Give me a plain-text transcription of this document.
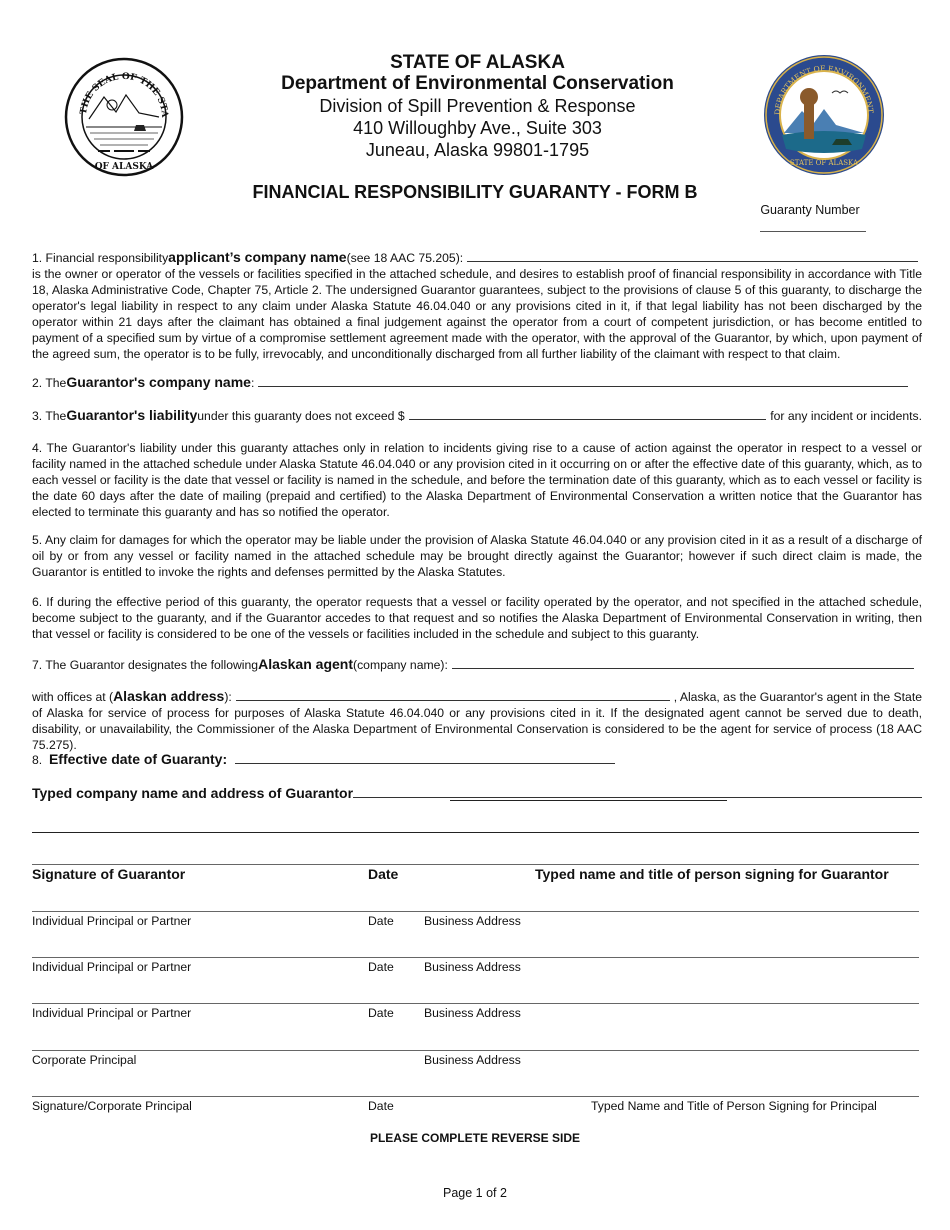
THE SEAL OF THE STA
OF ALASKA
DEPARTMENT OF ENVIRONMENT
STATE OF ALASKA
STATE OF ALASKA
Department of Environmental Conservation
Division of Spill Prevention & Response
410 Willoughby Ave., Suite 303
Juneau, Alaska 99801-1795
FINANCIAL RESPONSIBILITY GUARANTY - FORM B
Guaranty Number
1. Financial responsibility applicant’s company name (see 18 AAC 75.205):
is the owner or operator of the vessels or facilities specified in the attached schedule, and desires to establish proof of financial responsibility in accordance with Title 18, Alaska Administrative Code, Chapter 75, Article 2. The undersigned Guarantor guarantees, subject to the provisions of clause 5 of this guaranty, to discharge the operator's legal liability in respect to any claim under Alaska Statute 46.04.040 or any provisions cited in it, if that legal liability has not been discharged by the operator within 21 days after the claimant has obtained a final judgement against the operator from a court of competent jurisdiction, or has become entitled to payment of a specified sum by virtue of a compromise settlement agreement made with the operator, with the approval of the Guarantor, by which, upon payment of the agreed sum, the operator is to be fully, irrevocably, and unconditionally discharged from all further liability of the claimant with respect to that claim.
2. The Guarantor's company name :
3. The Guarantor's liability under this guaranty does not exceed $	for any incident or incidents.
4. The Guarantor's liability under this guaranty attaches only in relation to incidents giving rise to a cause of action against the operator in respect to a vessel or facility named in the attached schedule under Alaska Statute 46.04.040 or any provision cited in it occurring on or after the effective date of this guaranty, which, as to each vessel or facility is the date that vessel or facility is named in the schedule, and before the termination date of this guaranty, which as to each vessel or facility is the date 60 days after the date of mailing (prepaid and certified) to the Alaska Department of Environmental Conservation a written notice that the Guarantor has elected to terminate this guaranty and has so notified the operator.
5. Any claim for damages for which the operator may be liable under the provision of Alaska Statute 46.04.040 or any provision cited in it as a result of a discharge of oil by or from any vessel or facility named in the attached schedule may be brought directly against the Guarantor; however if such direct claim is made, the Guarantor is entitled to invoke the rights and defenses permitted by the Alaska Statutes.
6. If during the effective period of this guaranty, the operator requests that a vessel or facility operated by the operator, and not specified in the attached schedule, become subject to the guaranty, and if the Guarantor accedes to that request and so notifies the Alaska Department of Environmental Conservation in writing, then that vessel or facility is considered to be one of the vessels or facilities included in the schedule and subject to this guaranty.
7. The Guarantor designates the following Alaskan agent (company name):
with offices at ( Alaskan address ):	, Alaska, as the Guarantor's agent in the State
of Alaska for service of process for purposes of Alaska Statute 46.04.040 or any provisions cited in it. If the designated agent cannot be served due to death, disability, or unavailability, the Commissioner of the Alaska Department of Environmental Conservation is considered to be the agent for service of process (18 AAC 75.275).
8.
Effective date of Guaranty:
Typed company name and address of Guarantor
Signature of Guarantor	Date	Typed name and title of person signing for Guarantor
Individual Principal or Partner	Date Business Address
Individual Principal or Partner	Date Business Address
Individual Principal or Partner	Date Business Address
Corporate Principal	Business Address
Signature/Corporate Principal	Date	Typed Name and Title of Person Signing for Principal
PLEASE COMPLETE REVERSE SIDE
Page 1 of 2
